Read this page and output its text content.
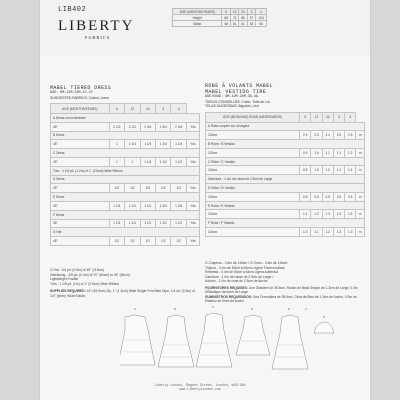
LIB402
LIBERTY
FABRICS
ÂGE (MONTHS/YEARS)	6	12	24	3	4
Height	68	76	86	97	104
Waist	48	51	51	53	56
MABEL TIERED DRESS
AGE: 6M-12M-24M-3Y-4Y
SUGGESTED FABRICS: Cotton, Linen
AGE (MONTHS/YEARS)	6	12	24	3	4	
A Dress-not contrastive						
45"	2 1/2	2 1/2	2 3/4	2 3/4	2 3/4	Yds
B Dress						
45"	1	1 1/4	1 1/4	1 1/4	1 1/4	Yds
C Dress						
45"	1	1	1 1/4	1 1/2	1 1/2	Yds
Trim - 1 1/4 yd. (1.2m) of 1" (2.5cm) Wide Ribbon						
D Dress						
45"	1/2	1/2	1/2	1/2	1/2	Yds
E Dress						
45"	1 1/4	1 1/2	1 1/2	1 3/4	1 3/4	Yds
F Dress						
45"	1 1/4	1 1/4	1 1/2	1 1/2	1 1/2	Yds
G Hat						
45"	1/2	1/2	1/2	1/2	1/2	Yds
G Hat - 3/4 yd. (0.6m) of 45" (115cm)
Interfacing - 3/8 yd. (0.4m) of 20" (50cm) to 25" (64cm)
Lightweight Fusible
Trim - 1 1/8 yd. (1m) of 1" (2.5cm) Wide Ribbon
SUPPLIES REQUIRED: 16" (35.5cm) Zip, 1" (1.3cm) Wide Single Fold Bias Tape, 1/4 yd. (0.3m) of 1/4" (6mm) Wide Elastic
ROBE À VOLANTS MABEL
MABEL VESTIDO TIRE
ÂGE/EDAD: 6M-12M-24M-3A-4A
TISSUS CONSEILLÉS: Coton, Tulle de Lin.
TELAS SUGERIDAS: Algodón, Lino
ÂGE (MOIS/ANS) EDAD (MESES/AÑOS)	6	12	24	3	4	
A Robe-coupée sur la largeur						
115cm	2.3	2.3	2.4	2.5	2.5	m
B Robe / B Vestido						
115cm	0.9	1.0	1.1	1.1	1.2	m
C Robe / C Vestido						
115cm	0.9	1.0	1.0	1.1	1.4	m
Garniture - 1.4m de ruban de 2.5cm de Large						
D Robe / D Vestido						
115cm	0.5	0.5	0.5	0.5	0.5	m
E Robe / E Vestido						
115cm	1.1	1.2	1.3	1.5	1.5	m
F Robe / F Vestido						
115cm	1.0	1.1	1.2	1.3	1.3	m
G Chapeau - 0.6m de 115cm / G Gorro - 0.6m de 115cm
Triplure - 0.4m de 50cm à 64cm Légère Thermocollant
Entretela - 0.4m de 50cm a 64cm Ligera Adhesiva
Garniture - 1.0m de ruban de 2.5cm de Large /
Adorno - 1.0m de cinta de 2.5cm de Ancho
FOURNITURES REQUISES: Une Glissière de 35.5cm, Ruban de Biais Simple de 1.3cm de Large, 0.3m d'Élastique de 6mm de Large
SUMINISTROS REQUERIDOS: Una Cremallera de 35.5cm, Cinta de Bies de 1.3cm de Ancho, 0.3m de Elástico de 6mm de Ancho
A	B	C	D	E	F
G
Liberty London, Regent Street, London, W1B 5AH
www.LibertyLondon.com
